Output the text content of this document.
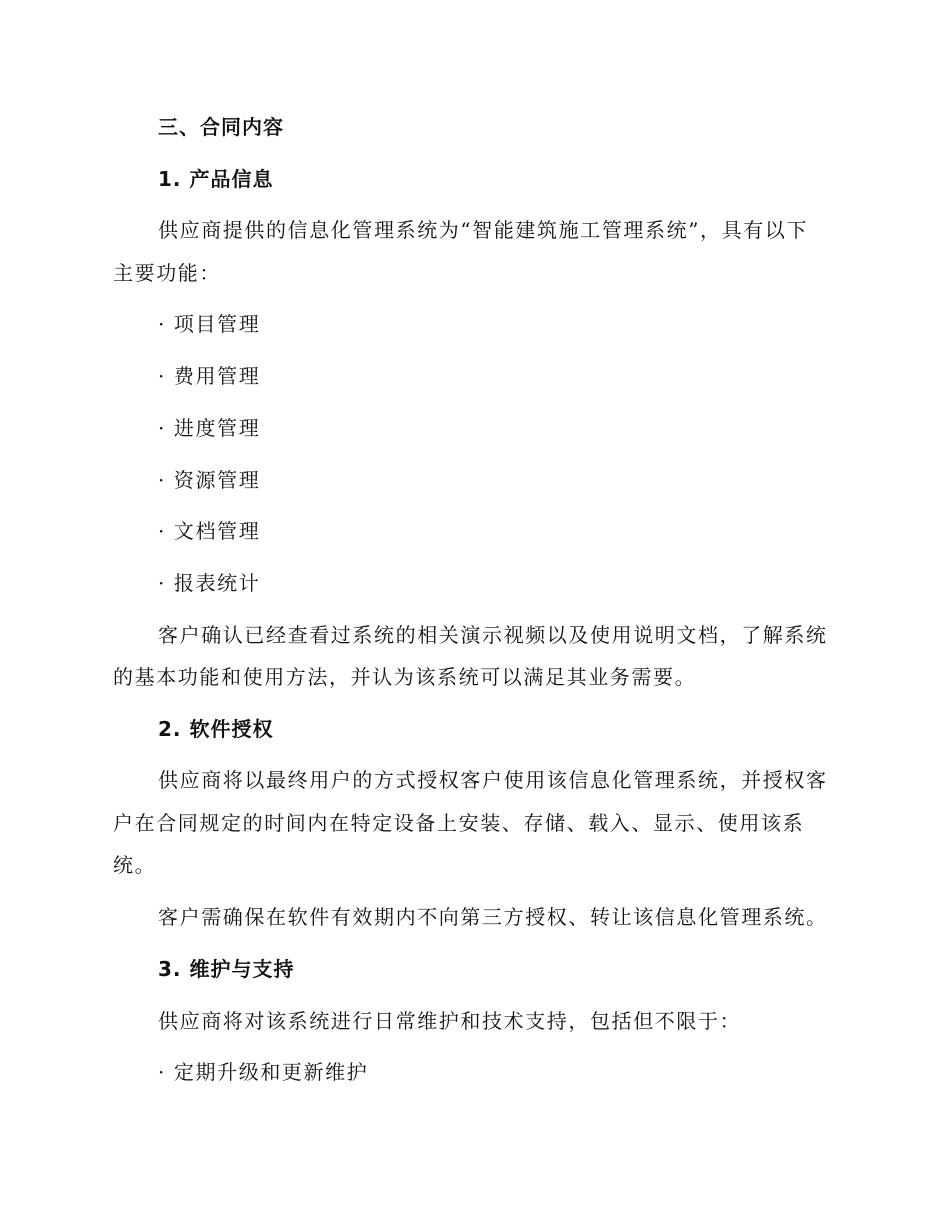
三、合同内容
1. 产品信息
供应商提供的信息化管理系统为“智能建筑施工管理系统”，具有以下
主要功能：
· 项目管理
· 费用管理
· 进度管理
· 资源管理
· 文档管理
· 报表统计
客户确认已经查看过系统的相关演示视频以及使用说明文档，了解系统
的基本功能和使用方法，并认为该系统可以满足其业务需要。
2. 软件授权
供应商将以最终用户的方式授权客户使用该信息化管理系统，并授权客
户在合同规定的时间内在特定设备上安装、存储、载入、显示、使用该系
统。
客户需确保在软件有效期内不向第三方授权、转让该信息化管理系统。
3. 维护与支持
供应商将对该系统进行日常维护和技术支持，包括但不限于：
· 定期升级和更新维护
